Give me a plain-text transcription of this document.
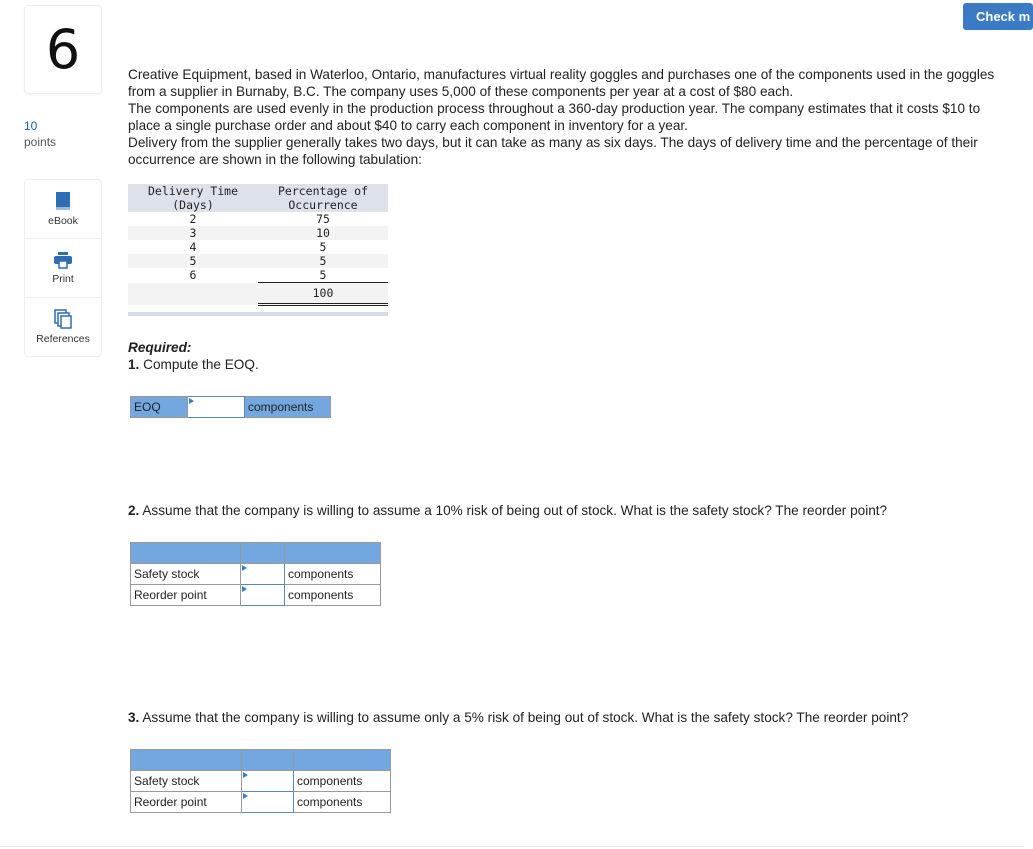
6
10
points
eBook
Print
References
Check m
Creative Equipment, based in Waterloo, Ontario, manufactures virtual reality goggles and purchases one of the components used in the goggles from a supplier in Burnaby, B.C. The company uses 5,000 of these components per year at a cost of $80 each.
The components are used evenly in the production process throughout a 360-day production year. The company estimates that it costs $10 to place a single purchase order and about $40 to carry each component in inventory for a year.
Delivery from the supplier generally takes two days, but it can take as many as six days. The days of delivery time and the percentage of their occurrence are shown in the following tabulation:
Delivery Time	Percentage of
(Days)	Occurrence
2	75
3	10
4	5
5	5
6	5
	100

Required:
1. Compute the EOQ.
EOQ		components
2. Assume that the company is willing to assume a 10% risk of being out of stock. What is the safety stock? The reorder point?

Safety stock		components
Reorder point		components
3. Assume that the company is willing to assume only a 5% risk of being out of stock. What is the safety stock? The reorder point?

Safety stock		components
Reorder point		components
